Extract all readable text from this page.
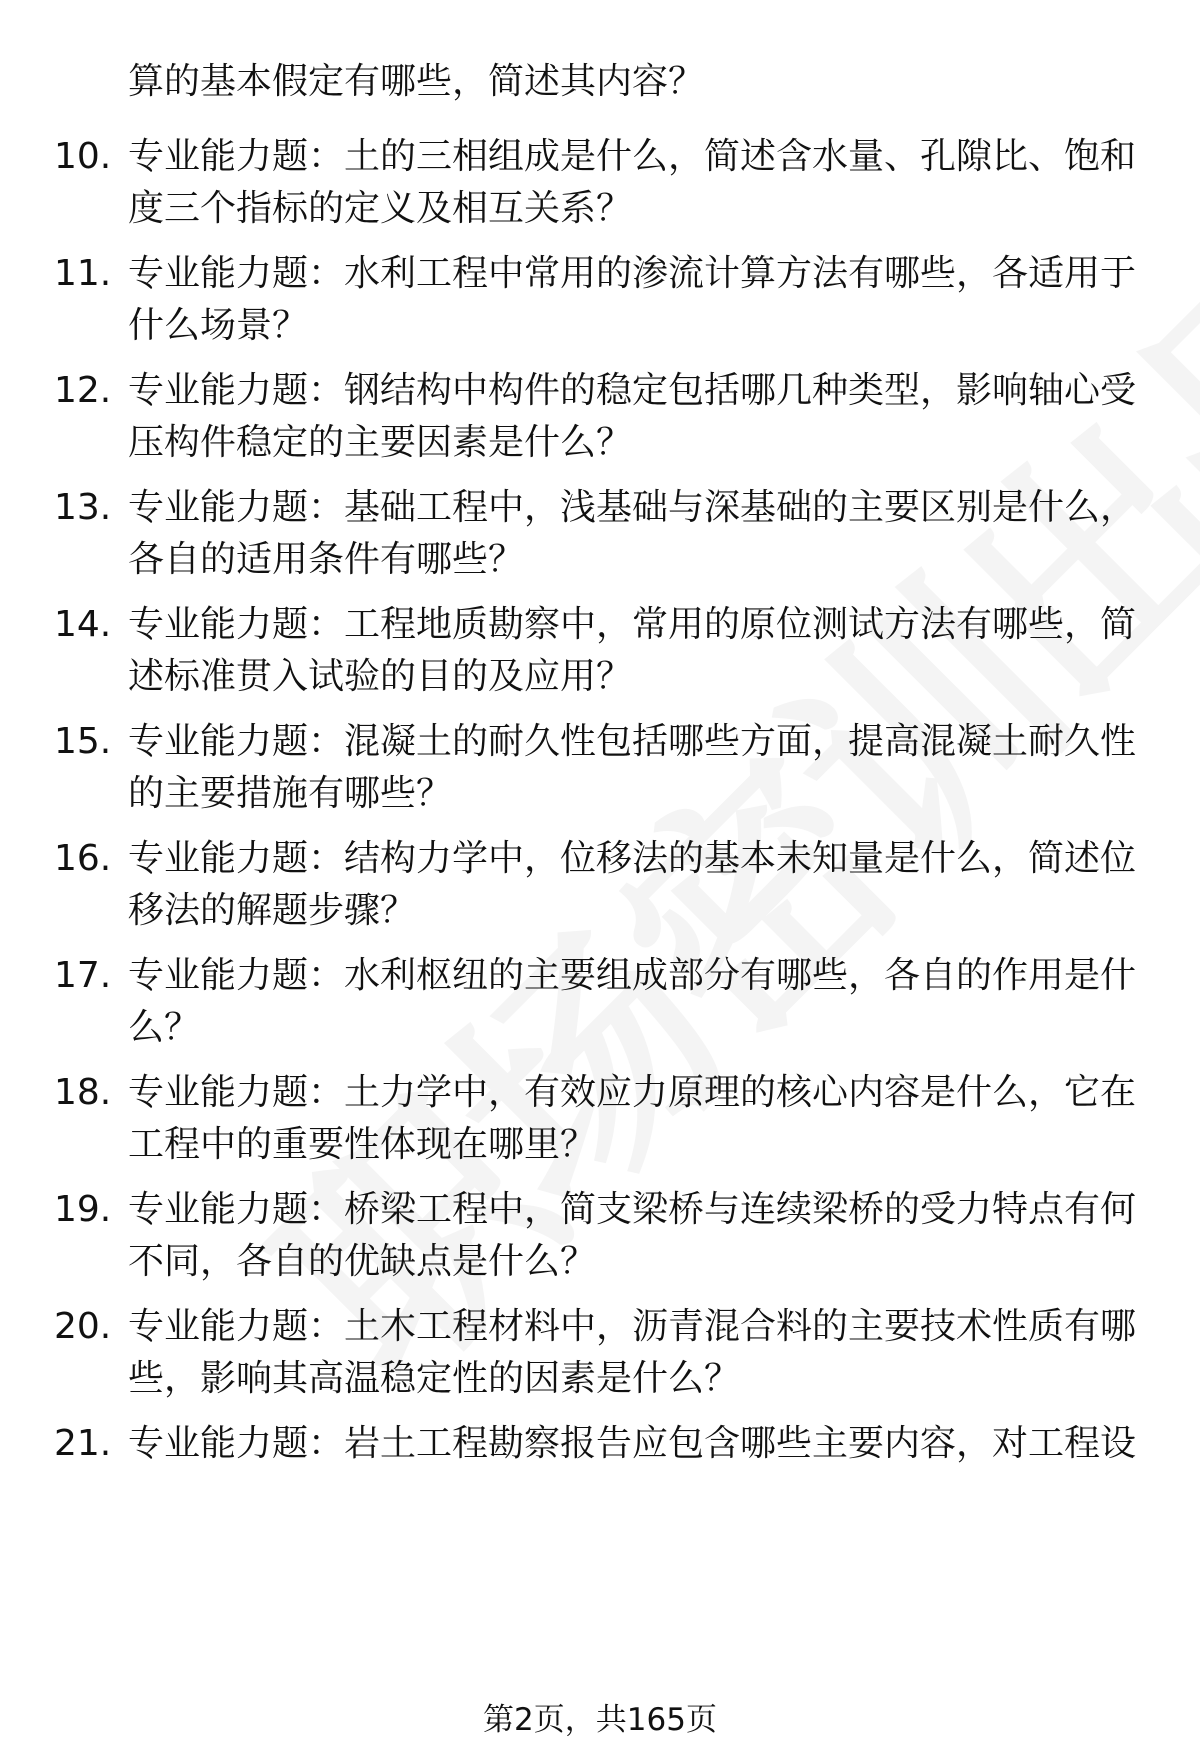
算的基本假定有哪些，简述其内容？
10. 专业能力题：土的三相组成是什么，简述含水量、孔隙比、饱和度三个指标的定义及相互关系？
11. 专业能力题：水利工程中常用的渗流计算方法有哪些，各适用于什么场景？
12. 专业能力题：钢结构中构件的稳定包括哪几种类型，影响轴心受压构件稳定的主要因素是什么？
13. 专业能力题：基础工程中，浅基础与深基础的主要区别是什么，各自的适用条件有哪些？
14. 专业能力题：工程地质勘察中，常用的原位测试方法有哪些，简述标准贯入试验的目的及应用？
15. 专业能力题：混凝土的耐久性包括哪些方面，提高混凝土耐久性的主要措施有哪些？
16. 专业能力题：结构力学中，位移法的基本未知量是什么，简述位移法的解题步骤？
17. 专业能力题：水利枢纽的主要组成部分有哪些，各自的作用是什么？
18. 专业能力题：土力学中，有效应力原理的核心内容是什么，它在工程中的重要性体现在哪里？
19. 专业能力题：桥梁工程中，简支梁桥与连续梁桥的受力特点有何不同，各自的优缺点是什么？
20. 专业能力题：土木工程材料中，沥青混合料的主要技术性质有哪些，影响其高温稳定性的因素是什么？
21. 专业能力题：岩土工程勘察报告应包含哪些主要内容，对工程设
第2页，共165页
